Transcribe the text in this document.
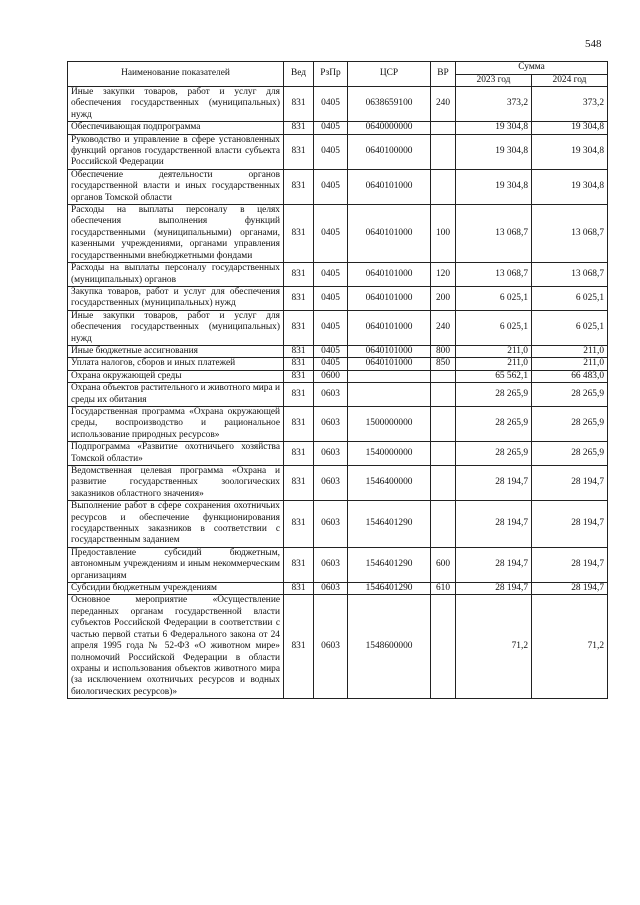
548
Наименование показателей	Вед	РзПр	ЦСР	ВР	Сумма	
					2023 год	2024 год
Иные закупки товаров, работ и услуг для обеспечения государственных (муниципальных) нужд	831	0405	0638659100	240	373,2	373,2
Обеспечивающая подпрограмма	831	0405	0640000000		19 304,8	19 304,8
Руководство и управление в сфере установленных функций органов государственной власти субъекта Российской Федерации	831	0405	0640100000		19 304,8	19 304,8
Обеспечение деятельности органов государственной власти и иных государственных органов Томской области	831	0405	0640101000		19 304,8	19 304,8
Расходы на выплаты персоналу в целях обеспечения выполнения функций государственными (муниципальными) органами, казенными учреждениями, органами управления государственными внебюджетными фондами	831	0405	0640101000	100	13 068,7	13 068,7
Расходы на выплаты персоналу государственных (муниципальных) органов	831	0405	0640101000	120	13 068,7	13 068,7
Закупка товаров, работ и услуг для обеспечения государственных (муниципальных) нужд	831	0405	0640101000	200	6 025,1	6 025,1
Иные закупки товаров, работ и услуг для обеспечения государственных (муниципальных) нужд	831	0405	0640101000	240	6 025,1	6 025,1
Иные бюджетные ассигнования	831	0405	0640101000	800	211,0	211,0
Уплата налогов, сборов и иных платежей	831	0405	0640101000	850	211,0	211,0
Охрана окружающей среды	831	0600			65 562,1	66 483,0
Охрана объектов растительного и животного мира и среды их обитания	831	0603			28 265,9	28 265,9
Государственная программа «Охрана окружающей среды, воспроизводство и рациональное использование природных ресурсов»	831	0603	1500000000		28 265,9	28 265,9
Подпрограмма «Развитие охотничьего хозяйства Томской области»	831	0603	1540000000		28 265,9	28 265,9
Ведомственная целевая программа «Охрана и развитие государственных зоологических заказников областного значения»	831	0603	1546400000		28 194,7	28 194,7
Выполнение работ в сфере сохранения охотничьих ресурсов и обеспечение функционирования государственных заказников в соответствии с государственным заданием	831	0603	1546401290		28 194,7	28 194,7
Предоставление субсидий бюджетным, автономным учреждениям и иным некоммерческим организациям	831	0603	1546401290	600	28 194,7	28 194,7
Субсидии бюджетным учреждениям	831	0603	1546401290	610	28 194,7	28 194,7
Основное мероприятие «Осуществление переданных органам государственной власти субъектов Российской Федерации в соответствии с частью первой статьи 6 Федерального закона от 24 апреля 1995 года № 52-ФЗ «О животном мире» полномочий Российской Федерации в области охраны и использования объектов животного мира (за исключением охотничьих ресурсов и водных биологических ресурсов)»	831	0603	1548600000		71,2	71,2
